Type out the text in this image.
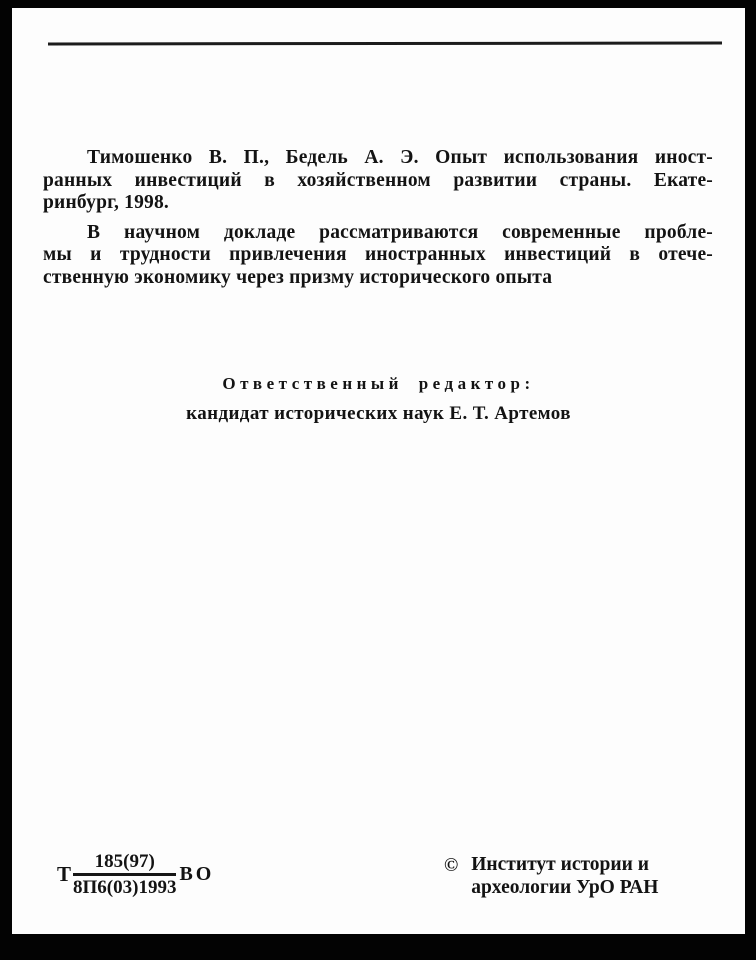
Тимошенко В. П., Бедель А. Э. Опыт использования иност-
ранных инвестиций в хозяйственном развитии страны. Екате-
ринбург, 1998.
В научном докладе рассматриваются современные пробле-
мы и трудности привлечения иностранных инвестиций в отече-
ственную экономику через призму исторического опыта
Ответственный редактор:
кандидат исторических наук Е. Т. Артемов
Т $\frac{185(97)}{8П6(03)1993}$ ВО	© Институт истории и
археологии УрО РАН
